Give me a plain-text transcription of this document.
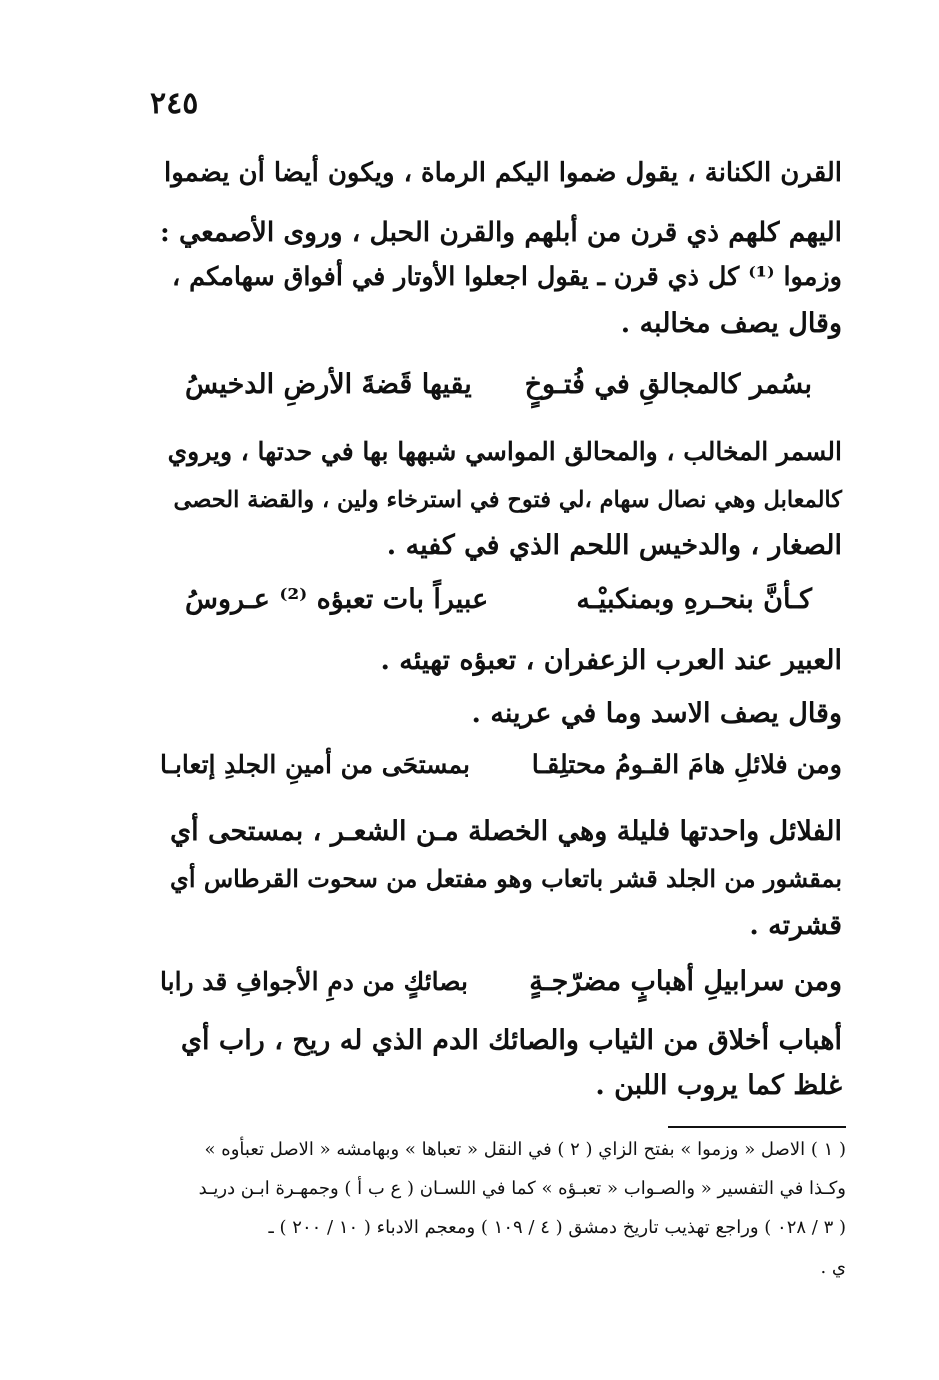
٢٤٥
القرن الكنانة ، يقول ضموا اليكم الرماة ، ويكون أيضا أن يضموا
اليهم كلهم ذي قرن من أبلهم والقرن الحبل ، وروى الأصمعي :
وزموا ⁽¹⁾ كل ذي قرن ـ يقول اجعلوا الأوتار في أفواق سهامكم ،
وقال يصف مخالبه .
بسُمر كالمجالقِ في فُتـوخٍ
يقيها قَضةَ الأرضِ الدخيسُ
السمر المخالب ، والمحالق المواسي شبهها بها في حدتها ، ويروي
كالمعابل وهي نصال سهام ،لي فتوح في استرخاء ولين ، والقضة الحصى
الصغار ، والدخيس اللحم الذي في كفيه .
كـأنَّ بنحـرهِ وبمنكبيْـه
عبيراً بات تعبؤه ⁽²⁾ عـروسُ
العبير عند العرب الزعفران ، تعبؤه تهيئه .
وقال يصف الاسد وما في عرينه .
ومن فلائلِ هامَ القـومُ محتلِقـا
بمستحَى من أمينِ الجلدِ إتعابـا
الفلائل واحدتها فليلة وهي الخصلة مـن الشعـر ، بمستحى أي
بمقشور من الجلد قشر باتعاب وهو مفتعل من سحوت القرطاس أي
قشرته .
ومن سرابيلِ أهبابٍ مضرّجـةٍ
بصائكٍ من دمِ الأجوافِ قد رابا
أهباب أخلاق من الثياب والصائك الدم الذي له ريح ، راب أي
غلظ كما يروب اللبن .
( ١ ) الاصل « وزموا » بفتح الزاي ( ٢ ) في النقل « تعباها » وبهامشه « الاصل تعبأوه »
وكـذا في التفسير « والصـواب « تعبـؤه » كما في اللسـان ( ع ب أ ) وجمهـرة ابـن دريـد
( ٣ / ٠٢٨ ) وراجع تهذيب تاريخ دمشق ( ٤ / ١٠٩ ) ومعجم الادباء ( ١٠ / ٢٠٠ ) ـ
ي .
